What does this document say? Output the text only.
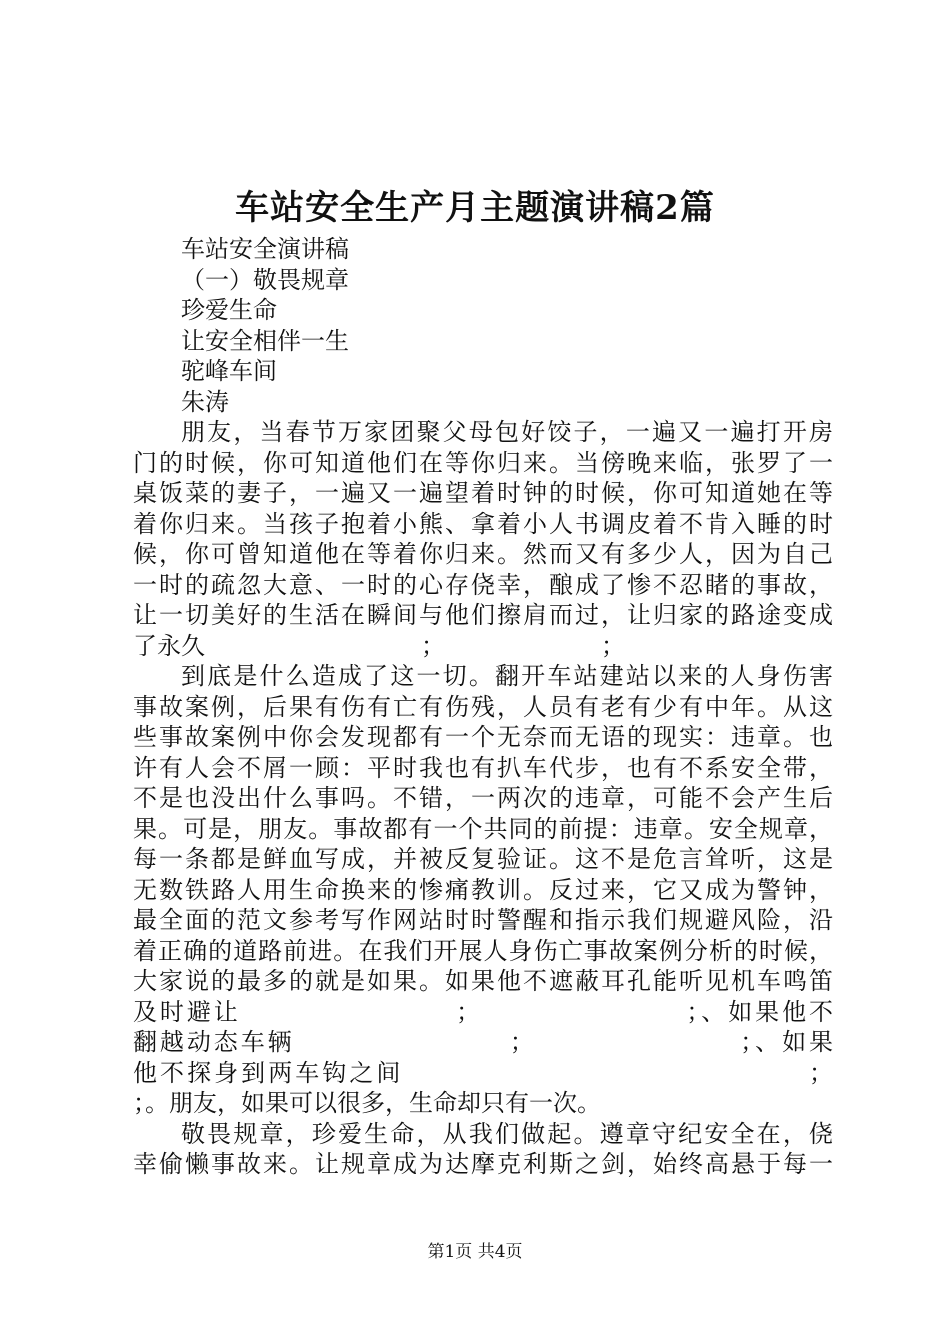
车站安全生产月主题演讲稿2篇
车站安全演讲稿
（一）敬畏规章
珍爱生命
让安全相伴一生
驼峰车间
朱涛
朋友，当春节万家团聚父母包好饺子，一遍又一遍打开房
门的时候，你可知道他们在等你归来。当傍晚来临，张罗了一
桌饭菜的妻子，一遍又一遍望着时钟的时候，你可知道她在等
着你归来。当孩子抱着小熊、拿着小人书调皮着不肯入睡的时
候，你可曾知道他在等着你归来。然而又有多少人，因为自己
一时的疏忽大意、一时的心存侥幸，酿成了惨不忍睹的事故，
让一切美好的生活在瞬间与他们擦肩而过，让归家的路途变成
了永久　　　　　　　　　；　　　　　　　；
到底是什么造成了这一切。翻开车站建站以来的人身伤害
事故案例，后果有伤有亡有伤残，人员有老有少有中年。从这
些事故案例中你会发现都有一个无奈而无语的现实：违章。也
许有人会不屑一顾：平时我也有扒车代步，也有不系安全带，
不是也没出什么事吗。不错，一两次的违章，可能不会产生后
果。可是，朋友。事故都有一个共同的前提：违章。安全规章，
每一条都是鲜血写成，并被反复验证。这不是危言耸听，这是
无数铁路人用生命换来的惨痛教训。反过来，它又成为警钟，
最全面的范文参考写作网站时时警醒和指示我们规避风险，沿
着正确的道路前进。在我们开展人身伤亡事故案例分析的时候，
大家说的最多的就是如果。如果他不遮蔽耳孔能听见机车鸣笛
及时避让　　　　　　　　；　　　　　　　　；、如果他不
翻越动态车辆　　　　　　　　；　　　　　　　　；、如果
他不探身到两车钩之间　　　　　　　　　　　　　　　；
；。朋友，如果可以很多，生命却只有一次。
敬畏规章，珍爱生命，从我们做起。遵章守纪安全在，侥
幸偷懒事故来。让规章成为达摩克利斯之剑，始终高悬于每一
第1页 共4页
